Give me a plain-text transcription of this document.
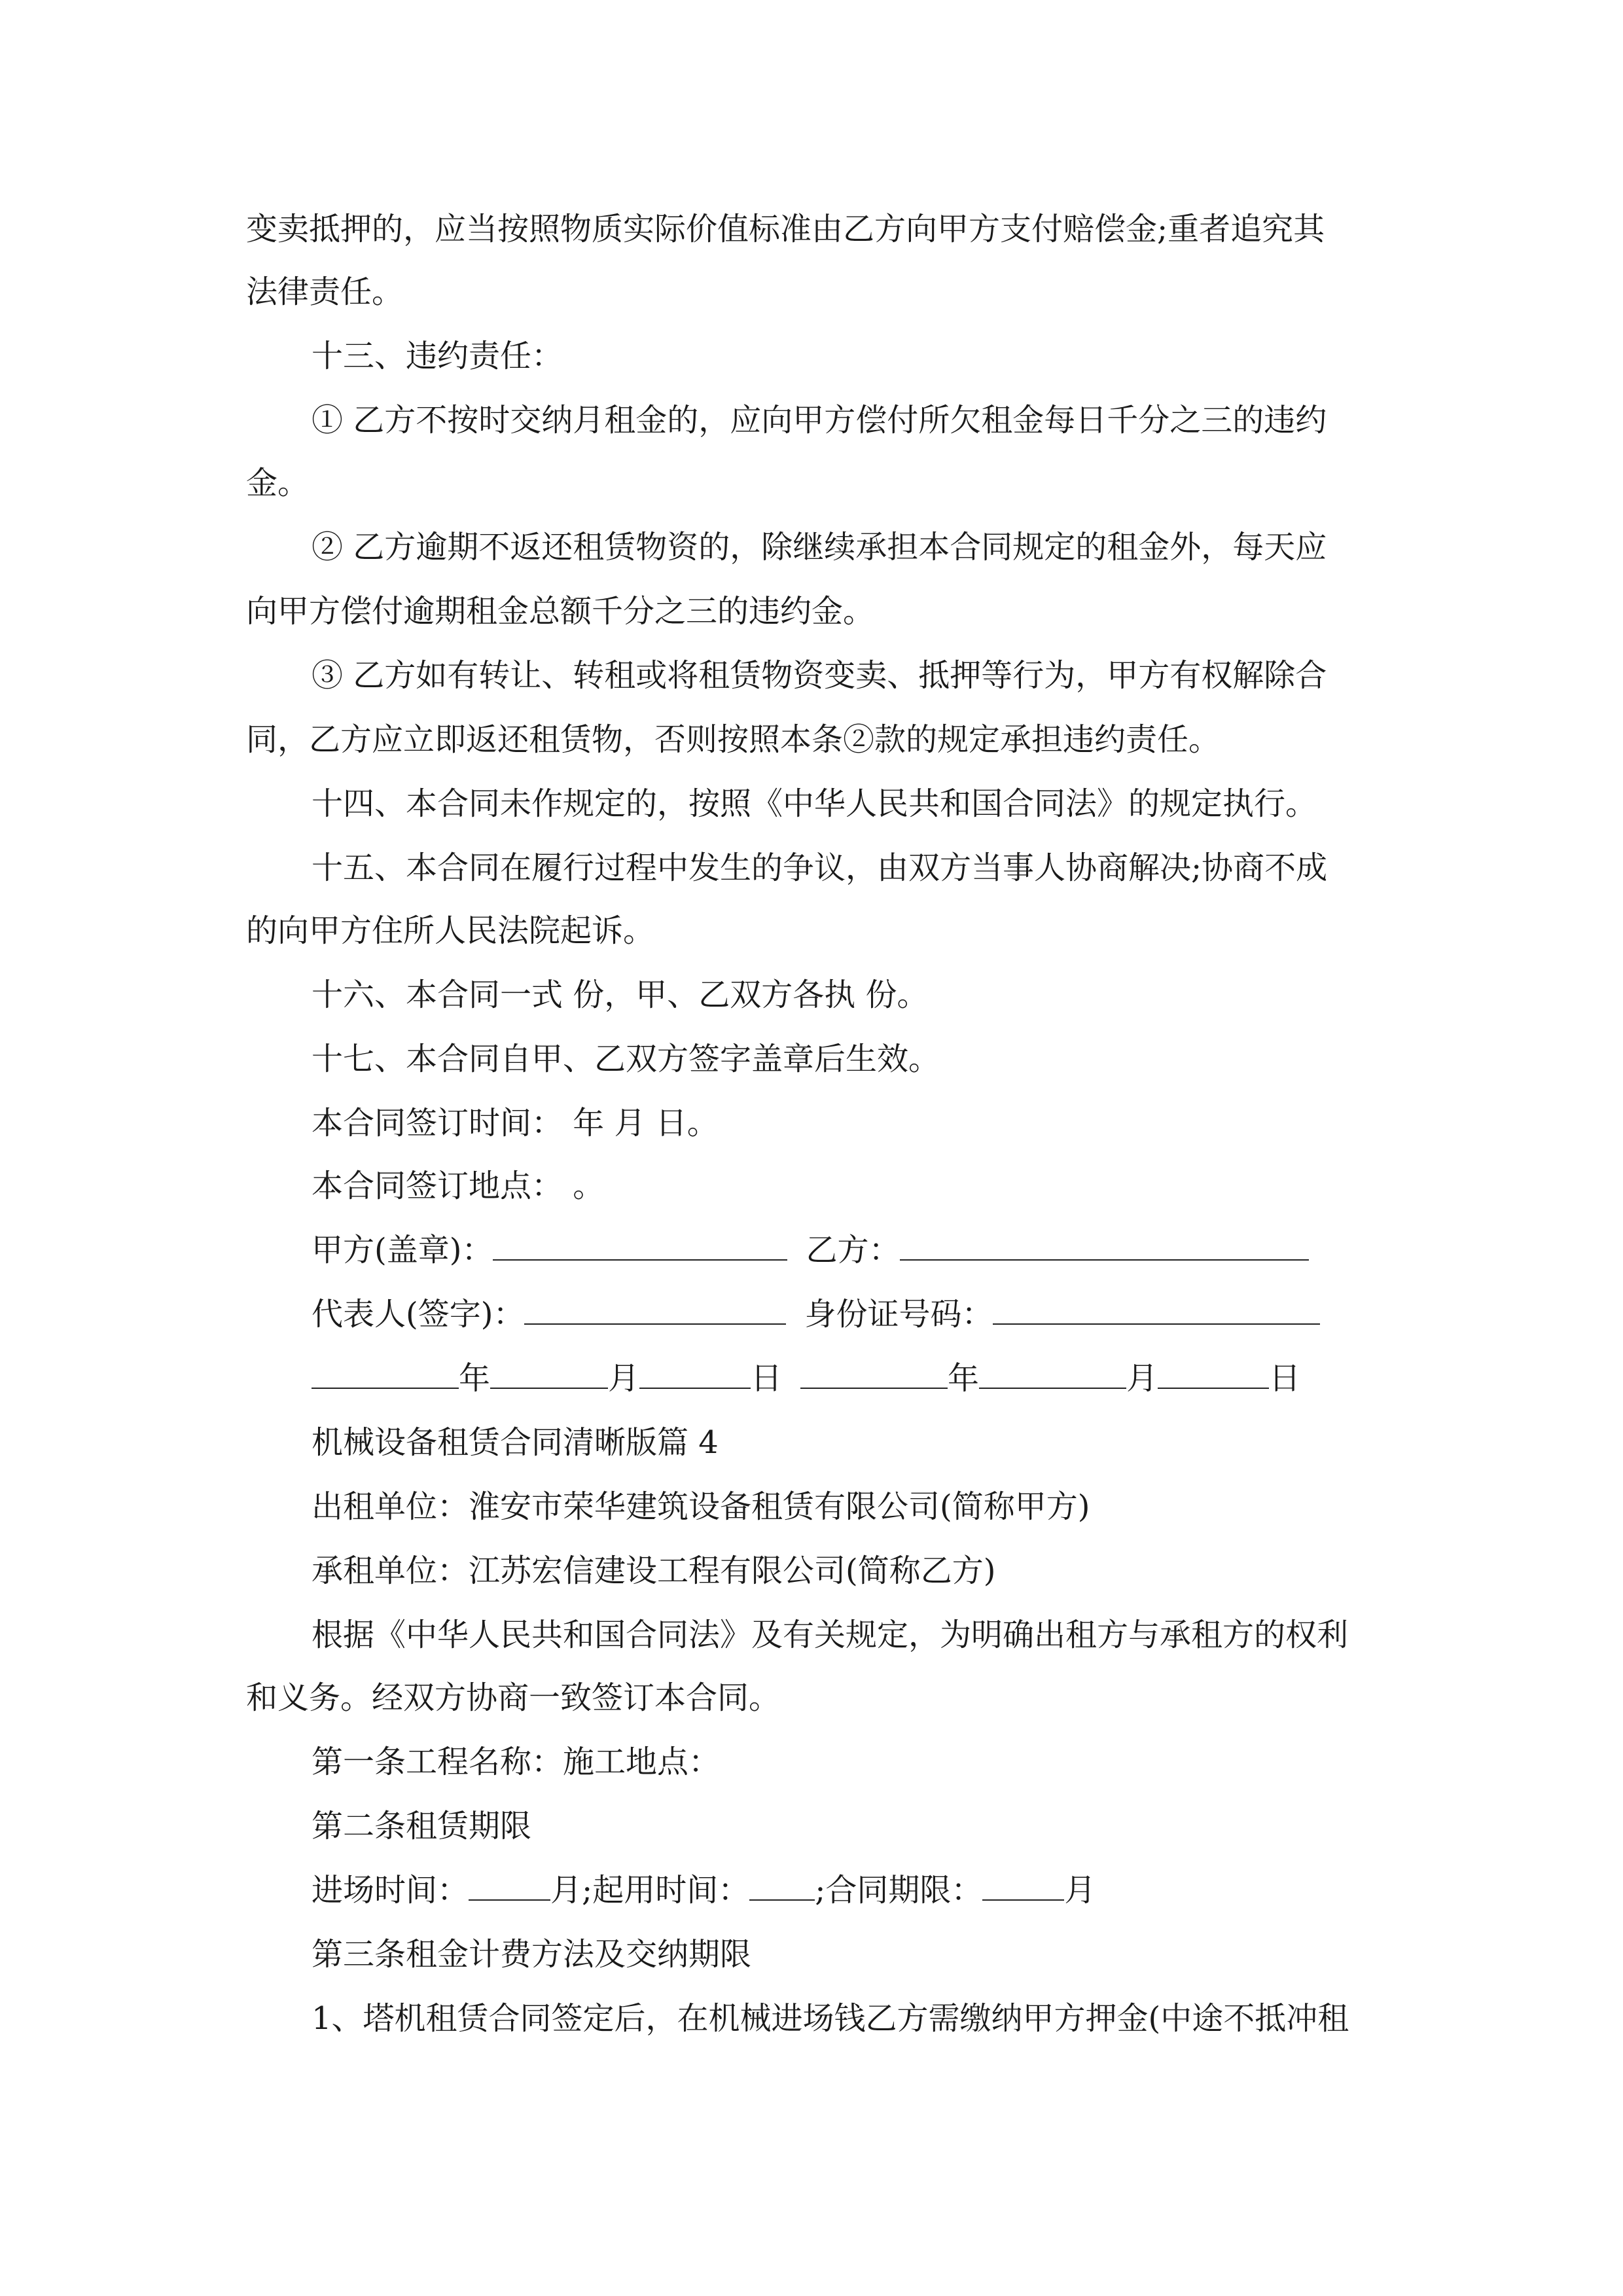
变卖抵押的，应当按照物质实际价值标准由乙方向甲方支付赔偿金;重者追究其
法律责任。
十三、违约责任：
① 乙方不按时交纳月租金的，应向甲方偿付所欠租金每日千分之三的违约
金。
② 乙方逾期不返还租赁物资的，除继续承担本合同规定的租金外，每天应
向甲方偿付逾期租金总额千分之三的违约金。
③ 乙方如有转让、转租或将租赁物资变卖、抵押等行为，甲方有权解除合
同，乙方应立即返还租赁物，否则按照本条②款的规定承担违约责任。
十四、本合同未作规定的，按照《中华人民共和国合同法》的规定执行。
十五、本合同在履行过程中发生的争议，由双方当事人协商解决;协商不成
的向甲方住所人民法院起诉。
十六、本合同一式 份，甲、乙双方各执 份。
十七、本合同自甲、乙双方签字盖章后生效。
本合同签订时间： 年 月 日。
本合同签订地点： 。
甲方(盖章)：	乙方：
代表人(签字)：	身份证号码：
年	月	日	年	月	日
机械设备租赁合同清晰版篇 4
出租单位：淮安市荣华建筑设备租赁有限公司(简称甲方)
承租单位：江苏宏信建设工程有限公司(简称乙方)
根据《中华人民共和国合同法》及有关规定，为明确出租方与承租方的权利
和义务。经双方协商一致签订本合同。
第一条工程名称：施工地点：
第二条租赁期限
进场时间：	月;起用时间： ;合同期限：	月
第三条租金计费方法及交纳期限
1、塔机租赁合同签定后，在机械进场钱乙方需缴纳甲方押金(中途不抵冲租
